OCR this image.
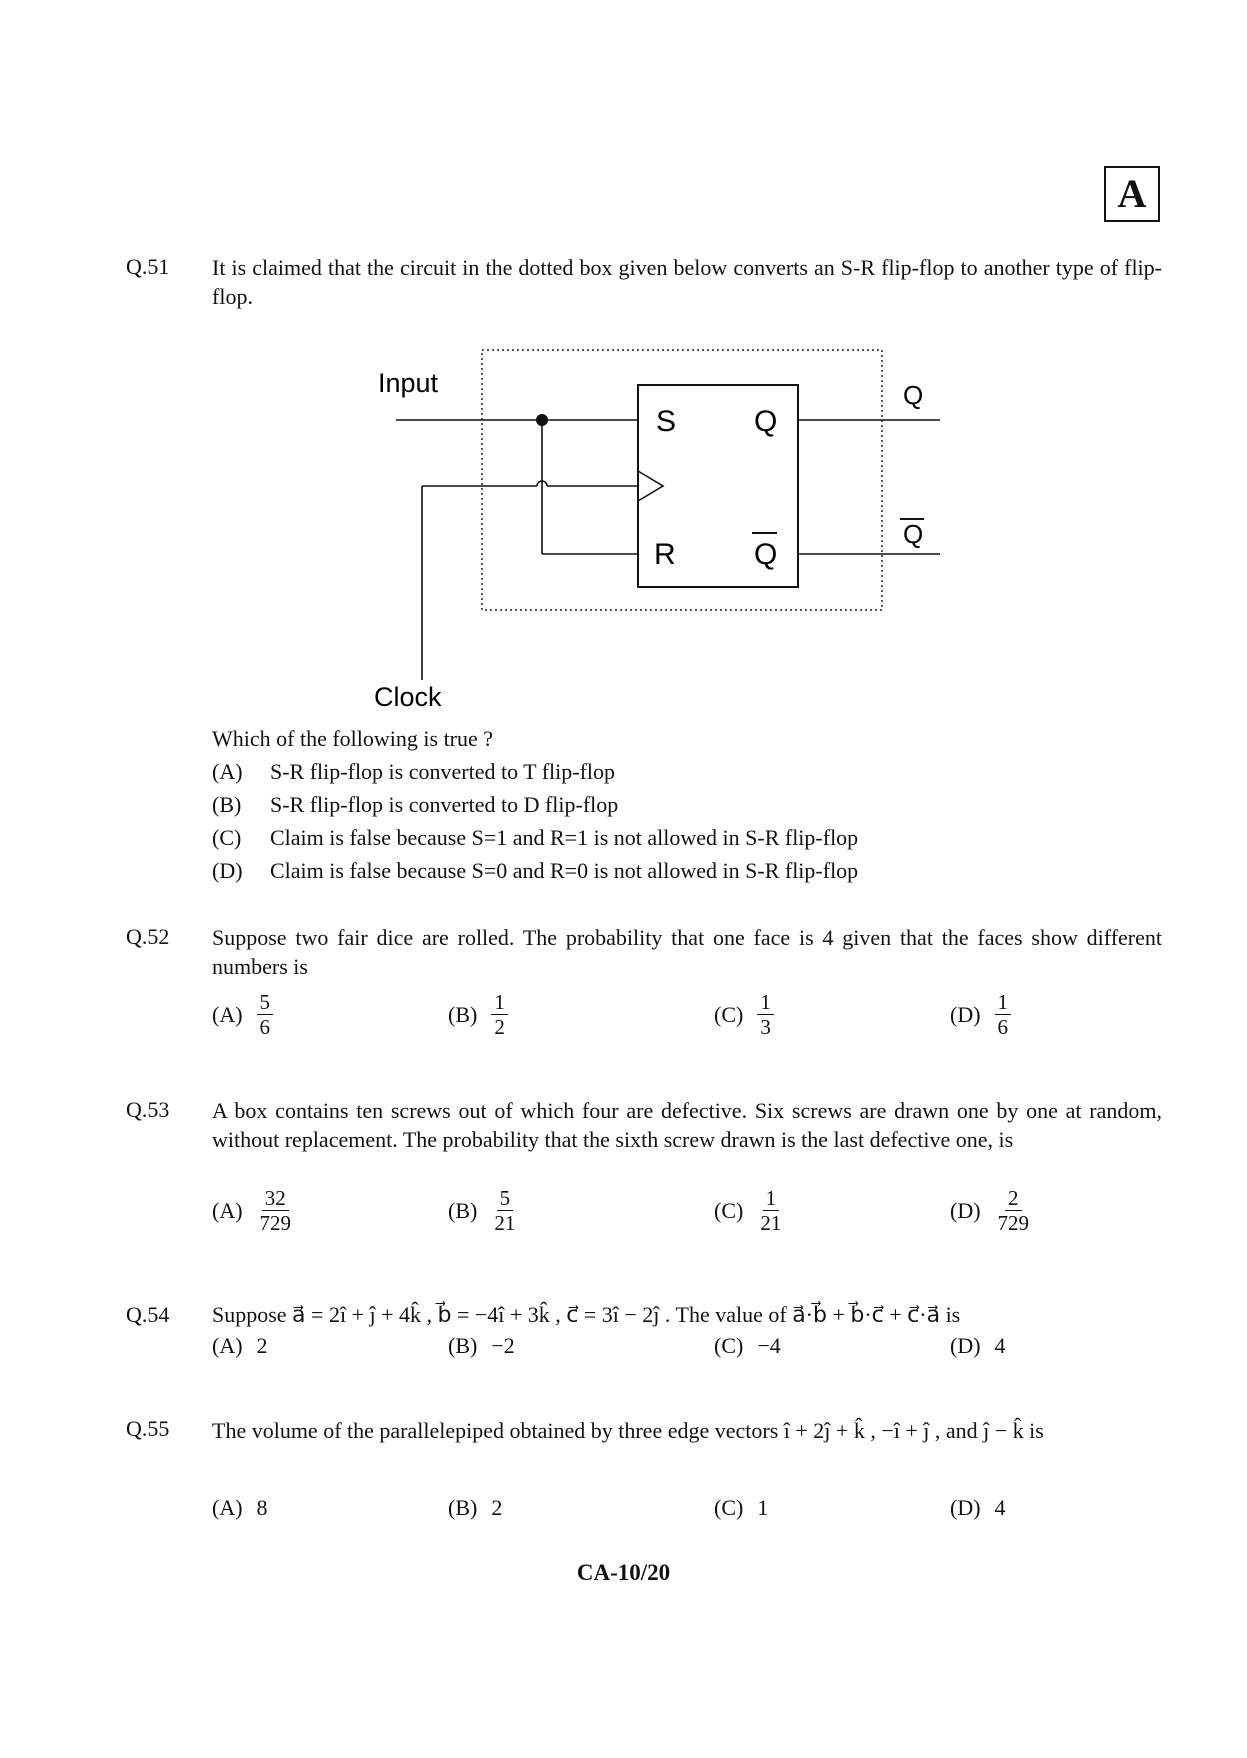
A
Q.51 It is claimed that the circuit in the dotted box given below converts an S-R flip-flop to another type of flip-flop.
Input
Clock
S
R
Q
Q
Q
Q
Which of the following is true ?
(A)	S-R flip-flop is converted to T flip-flop
(B)	S-R flip-flop is converted to D flip-flop
(C)	Claim is false because S=1 and R=1 is not allowed in S-R flip-flop
(D)	Claim is false because S=0 and R=0 is not allowed in S-R flip-flop
Q.52 Suppose two fair dice are rolled. The probability that one face is 4 given that the faces show different numbers is
$(A) \frac{5}{6}$	$(B) \frac{1}{2}$	$(C) \frac{1}{3}$	$(D) \frac{1}{6}$
Q.53 A box contains ten screws out of which four are defective. Six screws are drawn one by one at random, without replacement. The probability that the sixth screw drawn is the last defective one, is
$(A) \frac{32}{729}$	$(B) \frac{5}{21}$	$(C) \frac{1}{21}$	$(D) \frac{2}{729}$
Q.54 Suppose a⃗ = 2î + ĵ + 4k̂ , b⃗ = −4î + 3k̂ , c⃗ = 3î − 2ĵ . The value of a⃗·b⃗ + b⃗·c⃗ + c⃗·a⃗ is
(A) 2	(B) −2	(C) −4	(D) 4
Q.55 The volume of the parallelepiped obtained by three edge vectors î + 2ĵ + k̂ , −î + ĵ , and ĵ − k̂ is
(A) 8	(B) 2	(C) 1	(D) 4
CA-10/20
